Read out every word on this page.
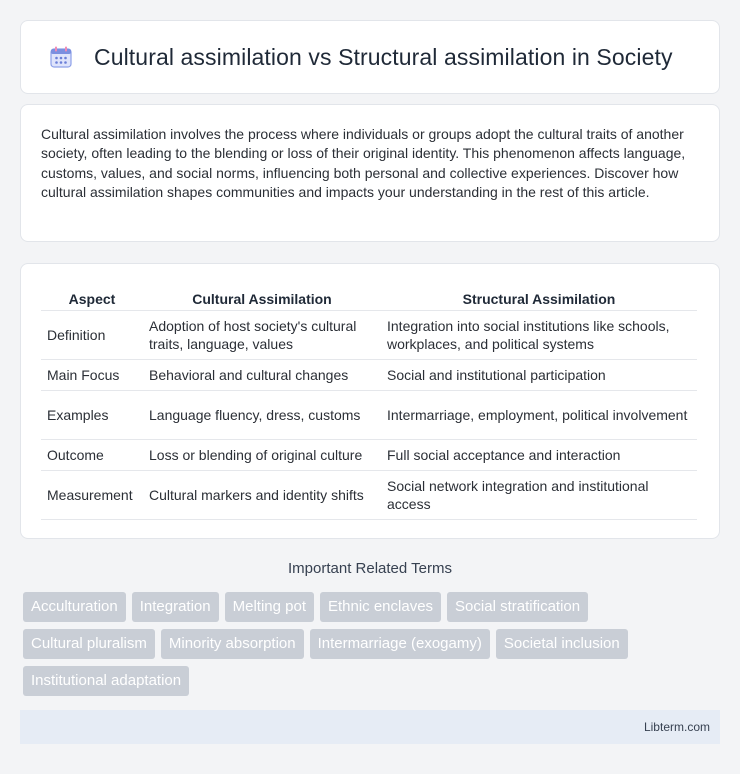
Cultural assimilation vs Structural assimilation in Society

Cultural assimilation involves the process where individuals or groups adopt the cultural traits of another society, often leading to the blending or loss of their original identity. This phenomenon affects language, customs, values, and social norms, influencing both personal and collective experiences. Discover how cultural assimilation shapes communities and impacts your understanding in the rest of this article.

Aspect	Cultural Assimilation	Structural Assimilation
Definition	Adoption of host society's cultural traits, language, values	Integration into social institutions like schools, workplaces, and political systems
Main Focus	Behavioral and cultural changes	Social and institutional participation
Examples	Language fluency, dress, customs	Intermarriage, employment, political involvement
Outcome	Loss or blending of original culture	Full social acceptance and interaction
Measurement	Cultural markers and identity shifts	Social network integration and institutional access
Important Related Terms
Acculturation	Integration	Melting pot	Ethnic enclaves	Social stratification
Cultural pluralism	Minority absorption	Intermarriage (exogamy)	Societal inclusion
Institutional adaptation
Libterm.com
